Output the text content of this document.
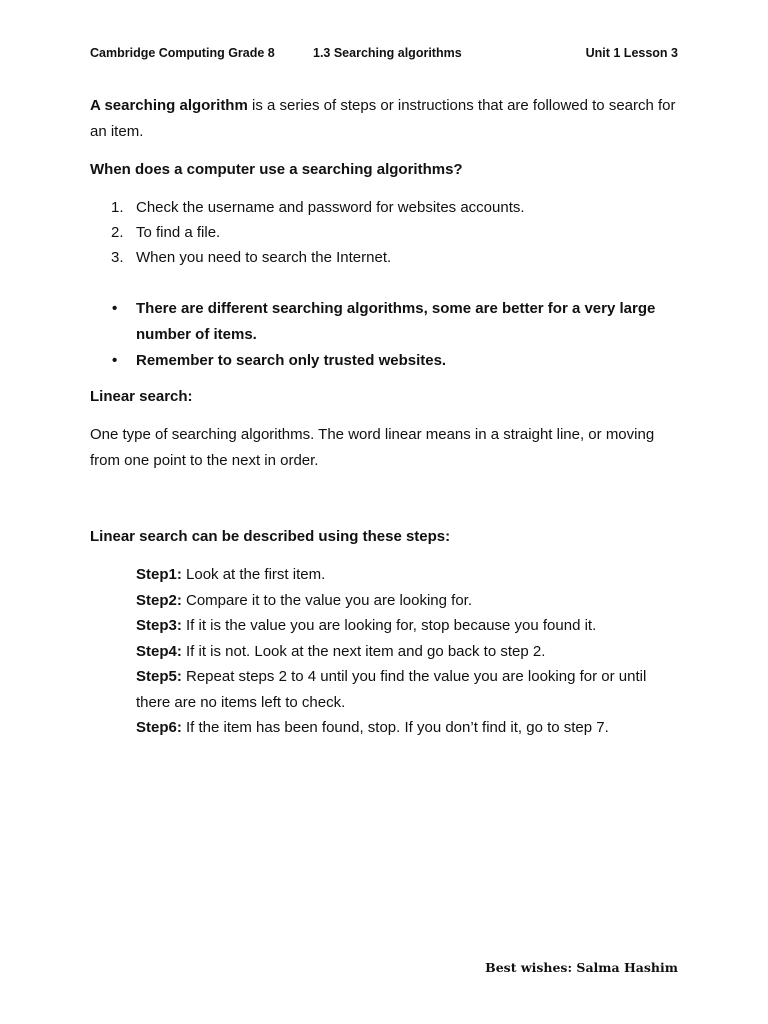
Cambridge Computing Grade 8	1.3 Searching algorithms	Unit 1 Lesson 3

A searching algorithm is a series of steps or instructions that are followed to search for an item.

When does a computer use a searching algorithms?

1. Check the username and password for websites accounts.
2. To find a file.
3. When you need to search the Internet.
• There are different searching algorithms, some are better for a very large number of items.
• Remember to search only trusted websites.

Linear search:

One type of searching algorithms. The word linear means in a straight line, or moving from one point to the next in order.

Linear search can be described using these steps:

Step1: Look at the first item.

Step2: Compare it to the value you are looking for.

Step3: If it is the value you are looking for, stop because you found it.

Step4: If it is not. Look at the next item and go back to step 2.

Step5: Repeat steps 2 to 4 until you find the value you are looking for or until there are no items left to check.

Step6: If the item has been found, stop. If you don’t find it, go to step 7.

Best wishes: Salma Hashim
